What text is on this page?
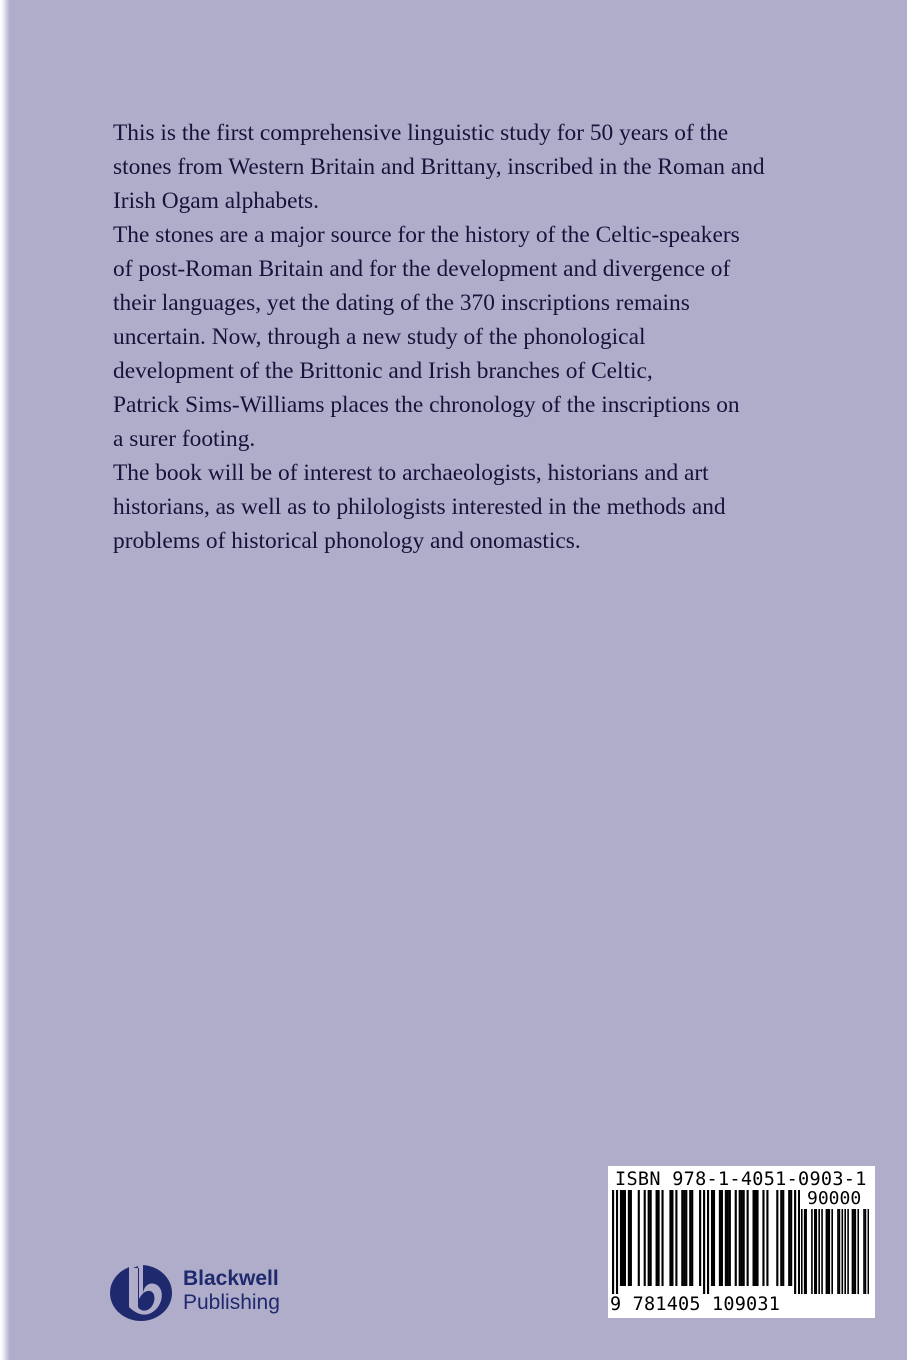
This is the first comprehensive linguistic study for 50 years of the
stones from Western Britain and Brittany, inscribed in the Roman and
Irish Ogam alphabets.
The stones are a major source for the history of the Celtic-speakers
of post-Roman Britain and for the development and divergence of
their languages, yet the dating of the 370 inscriptions remains
uncertain. Now, through a new study of the phonological
development of the Brittonic and Irish branches of Celtic,
Patrick Sims-Williams places the chronology of the inscriptions on
a surer footing.
The book will be of interest to archaeologists, historians and art
historians, as well as to philologists interested in the methods and
problems of historical phonology and onomastics.
Blackwell
Publishing
ISBN 978-1-4051-0903-1
90000
9 781405 109031
